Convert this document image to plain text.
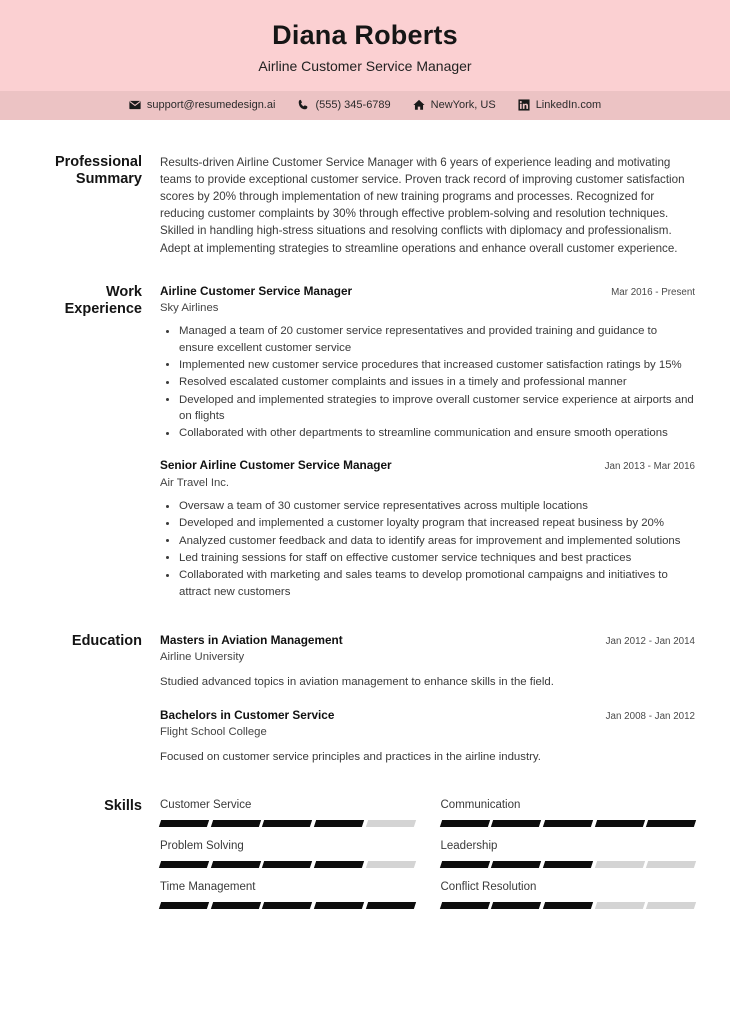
Diana Roberts
Airline Customer Service Manager
support@resumedesign.ai	(555) 345-6789	NewYork, US	LinkedIn.com
Professional
Summary

Results-driven Airline Customer Service Manager with 6 years of experience leading and motivating teams to provide exceptional customer service. Proven track record of improving customer satisfaction scores by 20% through implementation of new training programs and processes. Recognized for reducing customer complaints by 30% through effective problem-solving and resolution techniques. Skilled in handling high-stress situations and resolving conflicts with diplomacy and professionalism. Adept at implementing strategies to streamline operations and enhance overall customer experience.

Work
Experience
Airline Customer Service Manager	Mar 2016 - Present
Sky Airlines
Managed a team of 20 customer service representatives and provided training and guidance to ensure excellent customer service
Implemented new customer service procedures that increased customer satisfaction ratings by 15%
Resolved escalated customer complaints and issues in a timely and professional manner
Developed and implemented strategies to improve overall customer service experience at airports and on flights
Collaborated with other departments to streamline communication and ensure smooth operations
Senior Airline Customer Service Manager	Jan 2013 - Mar 2016
Air Travel Inc.
Oversaw a team of 30 customer service representatives across multiple locations
Developed and implemented a customer loyalty program that increased repeat business by 20%
Analyzed customer feedback and data to identify areas for improvement and implemented solutions
Led training sessions for staff on effective customer service techniques and best practices
Collaborated with marketing and sales teams to develop promotional campaigns and initiatives to attract new customers
Education	Masters in Aviation Management	Jan 2012 - Jan 2014
Airline University
Studied advanced topics in aviation management to enhance skills in the field.
Bachelors in Customer Service	Jan 2008 - Jan 2012
Flight School College
Focused on customer service principles and practices in the airline industry.
Skills	Customer Service	Communication
Problem Solving	Leadership
Time Management	Conflict Resolution
